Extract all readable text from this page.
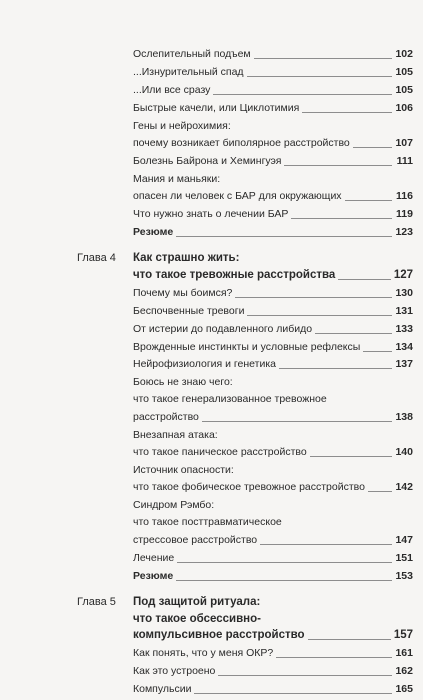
Ослепительный подъем	102
...Изнурительный спад	105
...Или все сразу	105
Быстрые качели, или Циклотимия	106
Гены и нейрохимия:
почему возникает биполярное расстройство	107
Болезнь Байрона и Хемингуэя	111
Мания и маньяки:
опасен ли человек с БАР для окружающих	116
Что нужно знать о лечении БАР	119
Резюме	123
Глава 4 Как страшно жить:
что такое тревожные расстройства	127
Почему мы боимся?	130
Беспочвенные тревоги	131
От истерии до подавленного либидо	133
Врожденные инстинкты и условные рефлексы	134
Нейрофизиология и генетика	137
Боюсь не знаю чего:
что такое генерализованное тревожное
расстройство	138
Внезапная атака:
что такое паническое расстройство	140
Источник опасности:
что такое фобическое тревожное расстройство	142
Синдром Рэмбо:
что такое посттравматическое
стрессовое расстройство	147
Лечение	151
Резюме	153
Глава 5 Под защитой ритуала:
что такое обсессивно-
компульсивное расстройство	157
Как понять, что у меня ОКР?	161
Как это устроено	162
Компульсии	165
